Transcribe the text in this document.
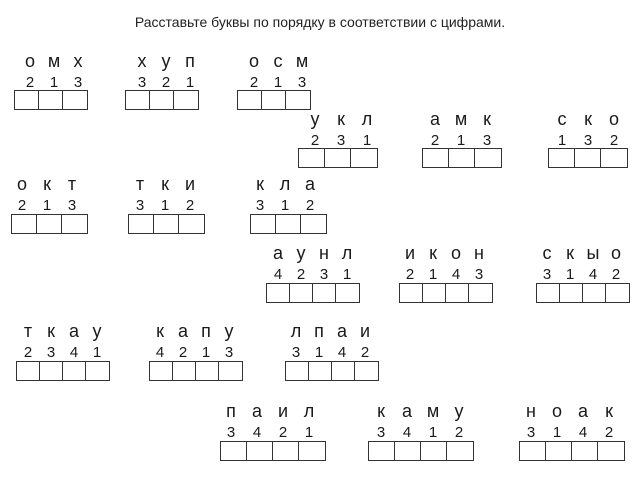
Расставьте буквы по порядку в соответствии с цифрами.
о м х
2	1	3
х у п
3	2	1
о с м
2	1	3
у к л
2	3	1
а м к
2	1	3
с к о
1	3	2
о к т
2	1	3
т к и
3	1	2
к л а
3	1	2
а у н л
4 2 3 1
и к о н
2 1 4 3
с к ы о
3 1 4 2
т к а у
2 3 4 1
к а п у
4 2 1 3
л п а и
3 1 4 2
п а и л
3	4	2	1
к а м у
3	4	1	2
н о а к
3	1	4	2
